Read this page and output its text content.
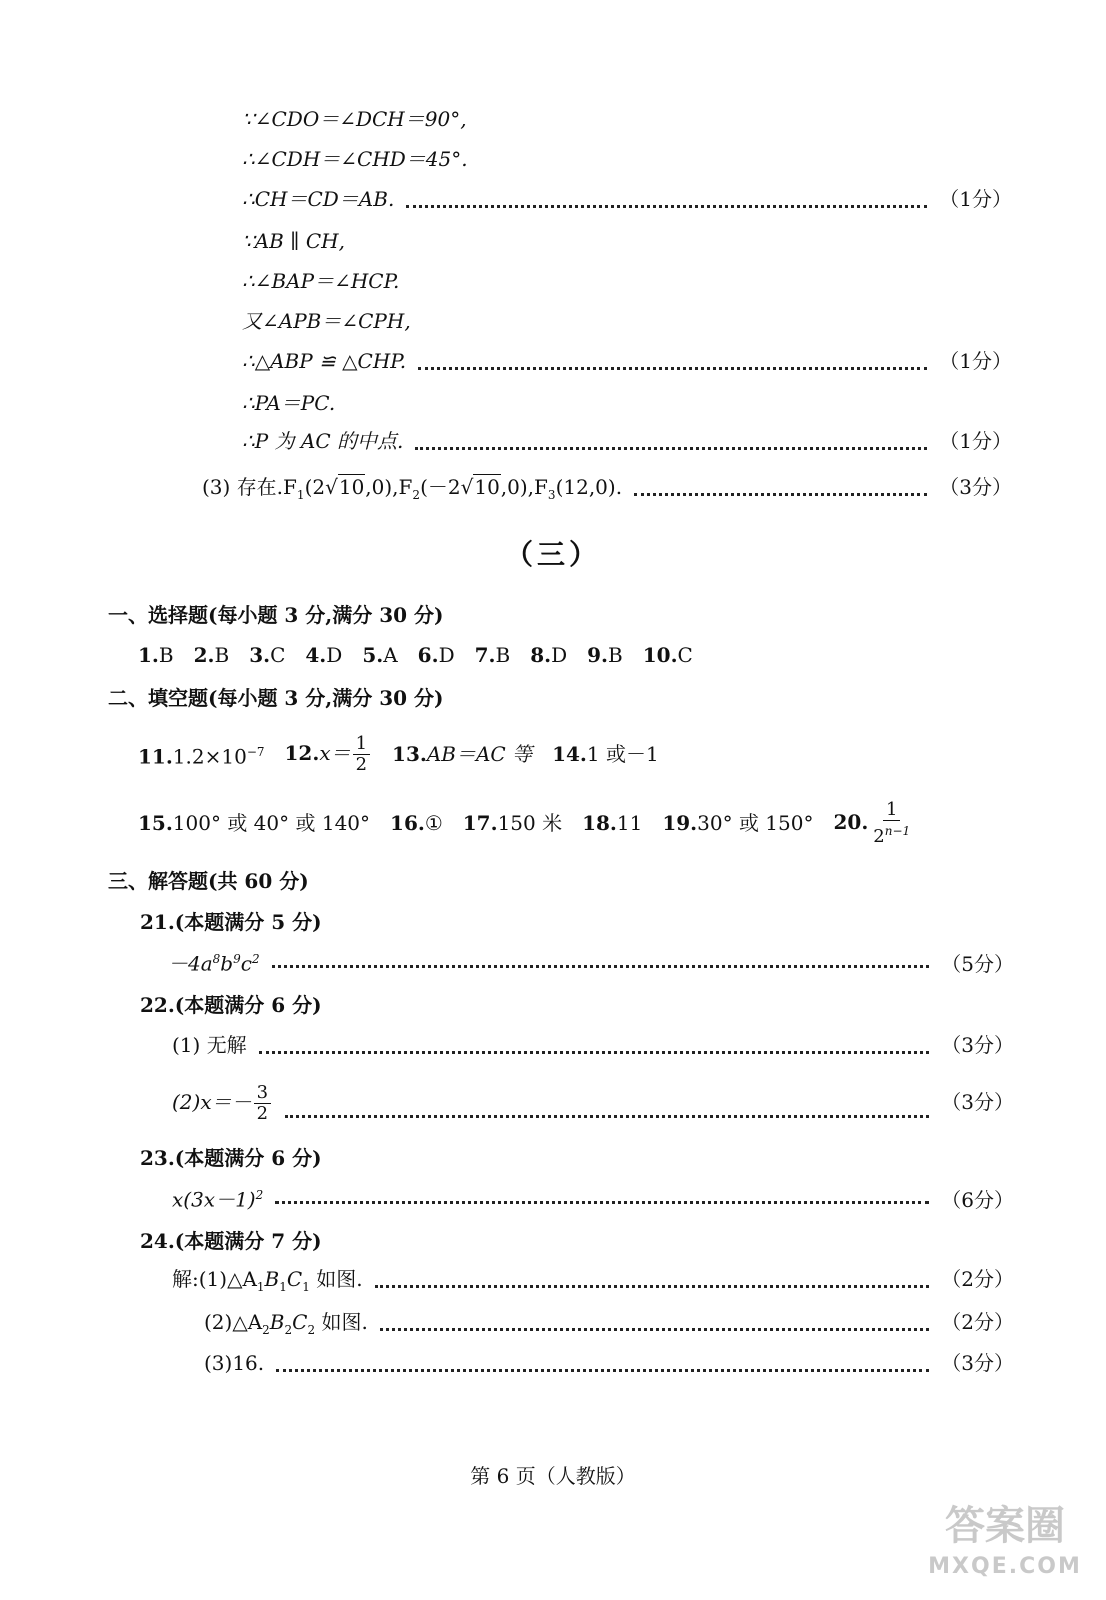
∵∠CDO＝∠DCH＝90°,
∴∠CDH＝∠CHD＝45°.
∴CH＝CD＝AB.	（1分）
∵AB ∥ CH,
∴∠BAP＝∠HCP.
又∠APB＝∠CPH,
∴△ABP ≌ △CHP.	（1分）
∴PA＝PC.
∴P 为 AC 的中点.	（1分）
(3) 存在$.F_1(2√10,0),F_2(-2√10,0),F_3(12,0)$.	（3分）
（三）
一、选择题(每小题 3 分,满分 30 分)
1.B 2.B 3.C 4.D 5.A 6.D 7.B 8.D 9.B 10.C
二、填空题(每小题 3 分,满分 30 分)
$11.1.2\times 10^{-7}$ $12.x= \frac{1}{2} 13.AB=AC$ 等 14.1 或－1
15.100° 或 40° 或 140° 16.① 17.150 米 18.11 19.30° 或 150° 20. $\frac{1}{2^{n-1}}$
三、解答题(共 60 分)
21.(本题满分 5 分)
$-4a^8b^9c^2$	（5分）
22.(本题满分 6 分)
(1) 无解	（3分）
$(2)x=- \frac{3}{2}$	（3分）
23.(本题满分 6 分)
$x(3x-1)^2$	（6分）
24.(本题满分 7 分)
解$:(1)\triangle A_1B_1C_1$ 如图.	（2分）
$(2)\triangle A_2B_2C_2$ 如图.	（2分）
(3)16.	（3分）
第 6 页（人教版）
答案圈
MXQE.COM
